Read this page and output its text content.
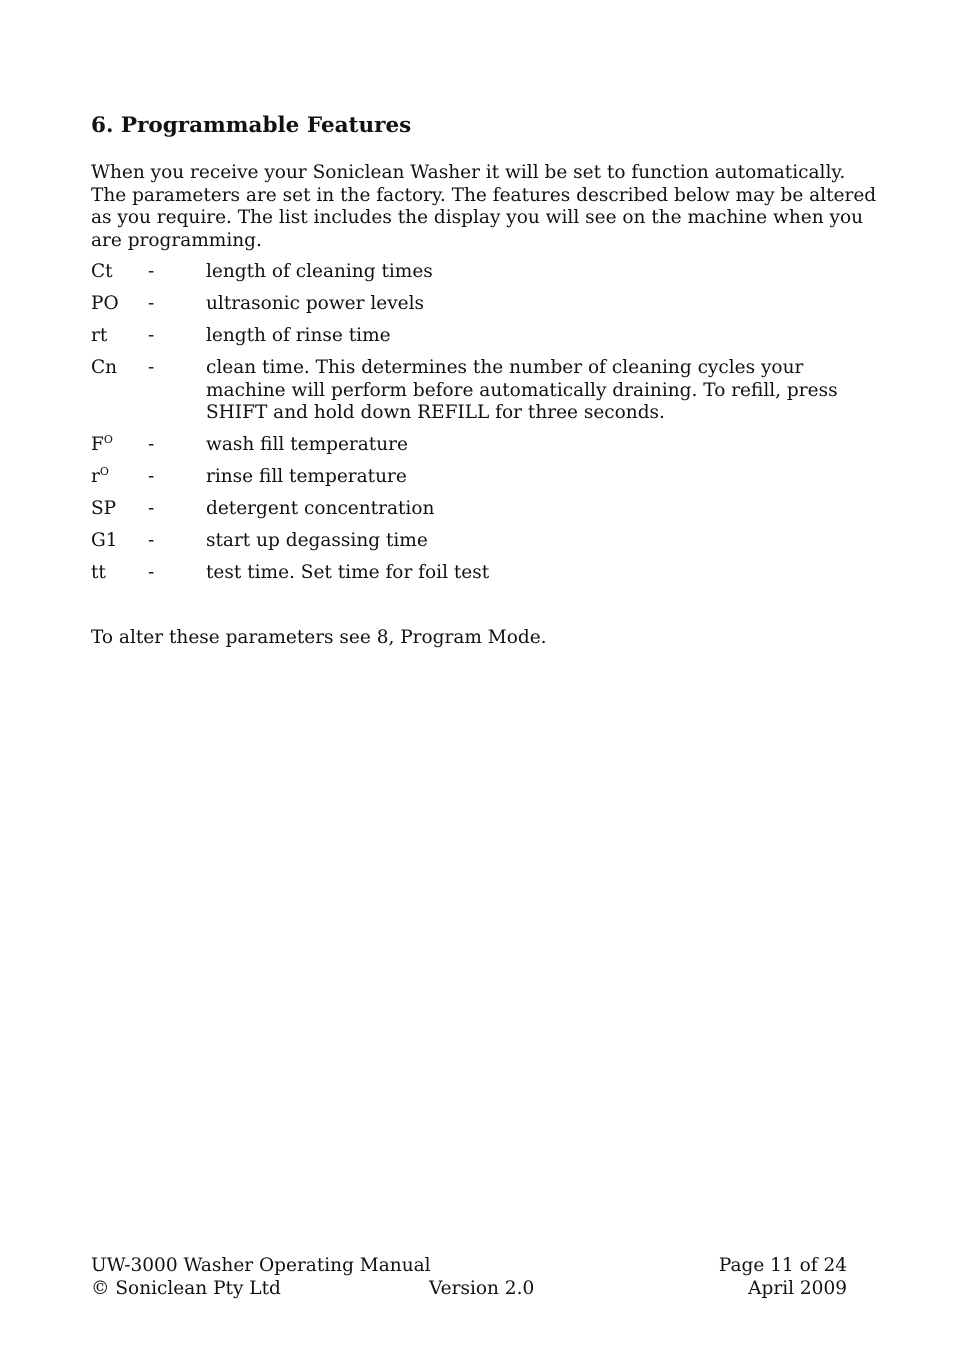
6. Programmable Features

When you receive your Soniclean Washer it will be set to function automatically. The parameters are set in the factory. The features described below may be altered as you require. The list includes the display you will see on the machine when you are programming.

Ct -	length of cleaning times
PO -	ultrasonic power levels
rt -	length of rinse time
Cn -	clean time. This determines the number of cleaning cycles your machine will perform before automatically draining. To refill, press SHIFT and hold down REFILL for three seconds.
$F^O$ -	wash fill temperature
$r^O$ -	rinse fill temperature
SP -	detergent concentration
G1 -	start up degassing time
tt -	test time. Set time for foil test

To alter these parameters see 8, Program Mode.

UW-3000 Washer Operating Manual	Page 11 of 24
© Soniclean Pty Ltd	Version 2.0	April 2009
